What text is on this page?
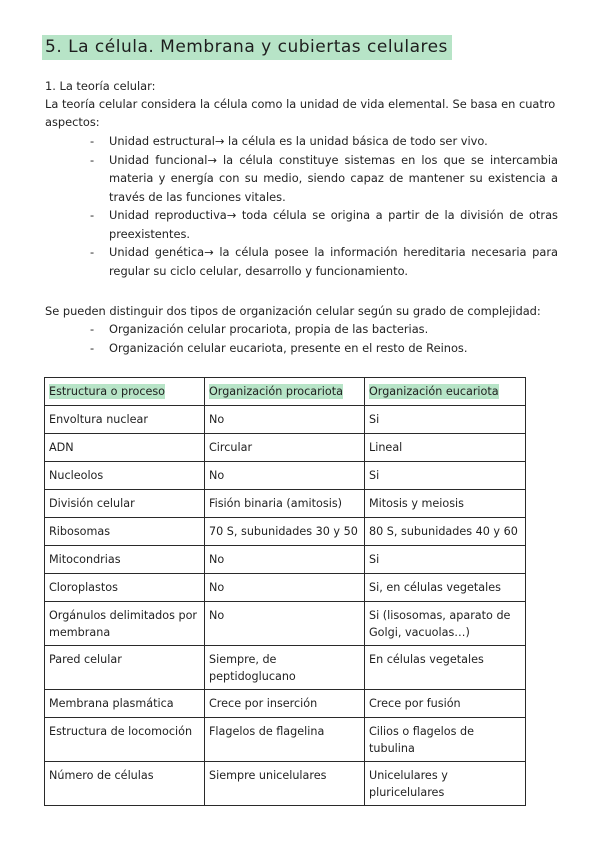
5. La célula. Membrana y cubiertas celulares
1. La teoría celular:
La teoría celular considera la célula como la unidad de vida elemental. Se basa en cuatro
aspectos:
- Unidad estructural→ la célula es la unidad básica de todo ser vivo.
- Unidad funcional→ la célula constituye sistemas en los que se intercambia materia y energía con su medio, siendo capaz de mantener su existencia a través de las funciones vitales.
- Unidad reproductiva→ toda célula se origina a partir de la división de otras preexistentes.
- Unidad genética→ la célula posee la información hereditaria necesaria para regular su ciclo celular, desarrollo y funcionamiento.
Se pueden distinguir dos tipos de organización celular según su grado de complejidad:
- Organización celular procariota, propia de las bacterias.
- Organización celular eucariota, presente en el resto de Reinos.
Estructura o proceso	Organización procariota	Organización eucariota
Envoltura nuclear	No	Si
ADN	Circular	Lineal
Nucleolos	No	Si
División celular	Fisión binaria (amitosis)	Mitosis y meiosis
Ribosomas	70 S, subunidades 30 y 50	80 S, subunidades 40 y 60
Mitocondrias	No	Si
Cloroplastos	No	Si, en células vegetales
Orgánulos delimitados por membrana	No	Si (lisosomas, aparato de Golgi, vacuolas…)
Pared celular	Siempre, de peptidoglucano	En células vegetales
Membrana plasmática	Crece por inserción	Crece por fusión
Estructura de locomoción	Flagelos de flagelina	Cilios o flagelos de tubulina
Número de células	Siempre unicelulares	Unicelulares y pluricelulares
